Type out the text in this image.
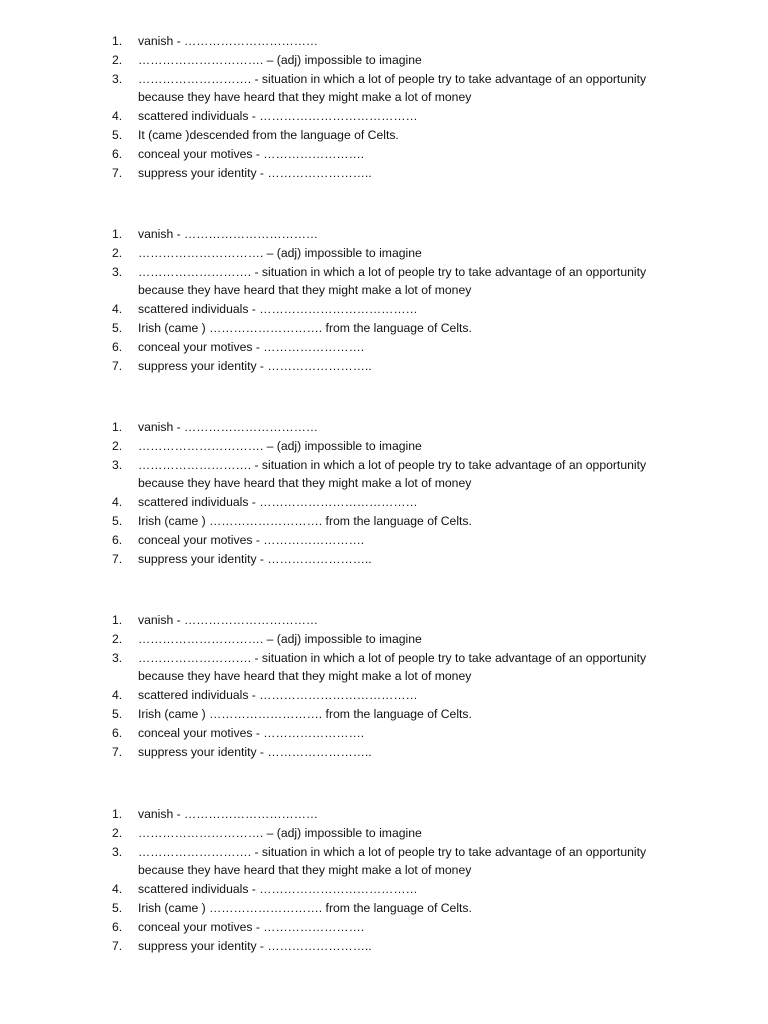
1.	vanish - ……………………………
2.	…………………………. – (adj) impossible to imagine
3.	………………………. - situation in which a lot of people try to take advantage of an opportunity because they have heard that they might make a lot of money
4.	scattered individuals - …………………………………
5.	It (came )descended from the language of Celts.
6.	conceal your motives - …………………….
7.	suppress your identity - ……………………..
1.	vanish - ……………………………
2.	…………………………. – (adj) impossible to imagine
3.	………………………. - situation in which a lot of people try to take advantage of an opportunity because they have heard that they might make a lot of money
4.	scattered individuals - …………………………………
5.	Irish (came ) ………………………. from the language of Celts.
6.	conceal your motives - …………………….
7.	suppress your identity - ……………………..
1.	vanish - ……………………………
2.	…………………………. – (adj) impossible to imagine
3.	………………………. - situation in which a lot of people try to take advantage of an opportunity because they have heard that they might make a lot of money
4.	scattered individuals - …………………………………
5.	Irish (came ) ………………………. from the language of Celts.
6.	conceal your motives - …………………….
7.	suppress your identity - ……………………..
1.	vanish - ……………………………
2.	…………………………. – (adj) impossible to imagine
3.	………………………. - situation in which a lot of people try to take advantage of an opportunity because they have heard that they might make a lot of money
4.	scattered individuals - …………………………………
5.	Irish (came ) ………………………. from the language of Celts.
6.	conceal your motives - …………………….
7.	suppress your identity - ……………………..
1.	vanish - ……………………………
2.	…………………………. – (adj) impossible to imagine
3.	………………………. - situation in which a lot of people try to take advantage of an opportunity because they have heard that they might make a lot of money
4.	scattered individuals - …………………………………
5.	Irish (came ) ………………………. from the language of Celts.
6.	conceal your motives - …………………….
7.	suppress your identity - ……………………..
